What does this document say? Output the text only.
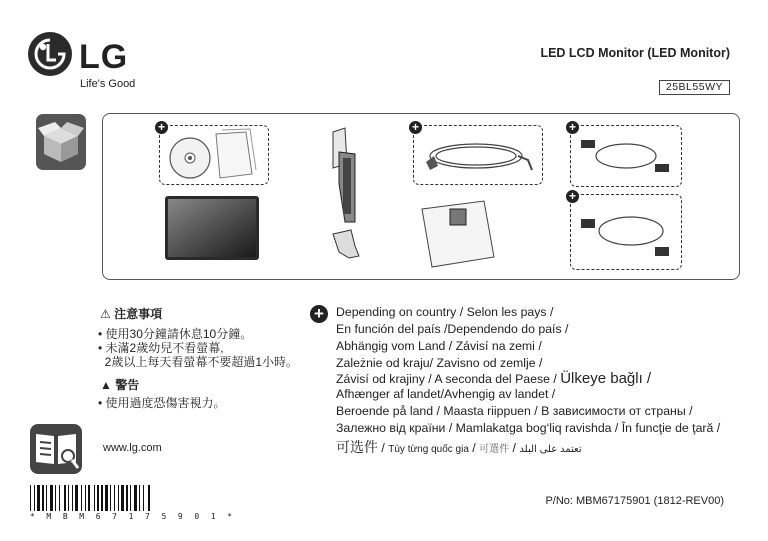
LG
Life's Good
LED LCD Monitor (LED Monitor)
25BL55WY
+	+	+
+
⚠ 注意事項
• 使用30分鐘請休息10分鐘。
• 未滿2歲幼兒不看螢幕,
2歲以上每天看螢幕不要超過1小時。
▲ 警告
• 使用過度恐傷害視力。
+ Depending on country / Selon les pays /
En función del país /Dependendo do país /
Abhängig vom Land / Závisí na zemi /
Zależnie od kraju/ Zavisno od zemlje /
Závisí od krajiny / A seconda del Paese / Ülkeye bağlı /
Afhænger af landet/Avhengig av landet /
Beroende på land / Maasta riippuen / В зависимости от страны /
Залежно від країни / Mamlakatga bog‘liq ravishda / În funcţie de ţară /
可选件 / Tùy từng quốc gia / 可選件 / تعتمد على البلد
www.lg.com
* M B M 6 7 1 7 5 9 0 1 *
P/No: MBM67175901 (1812-REV00)
